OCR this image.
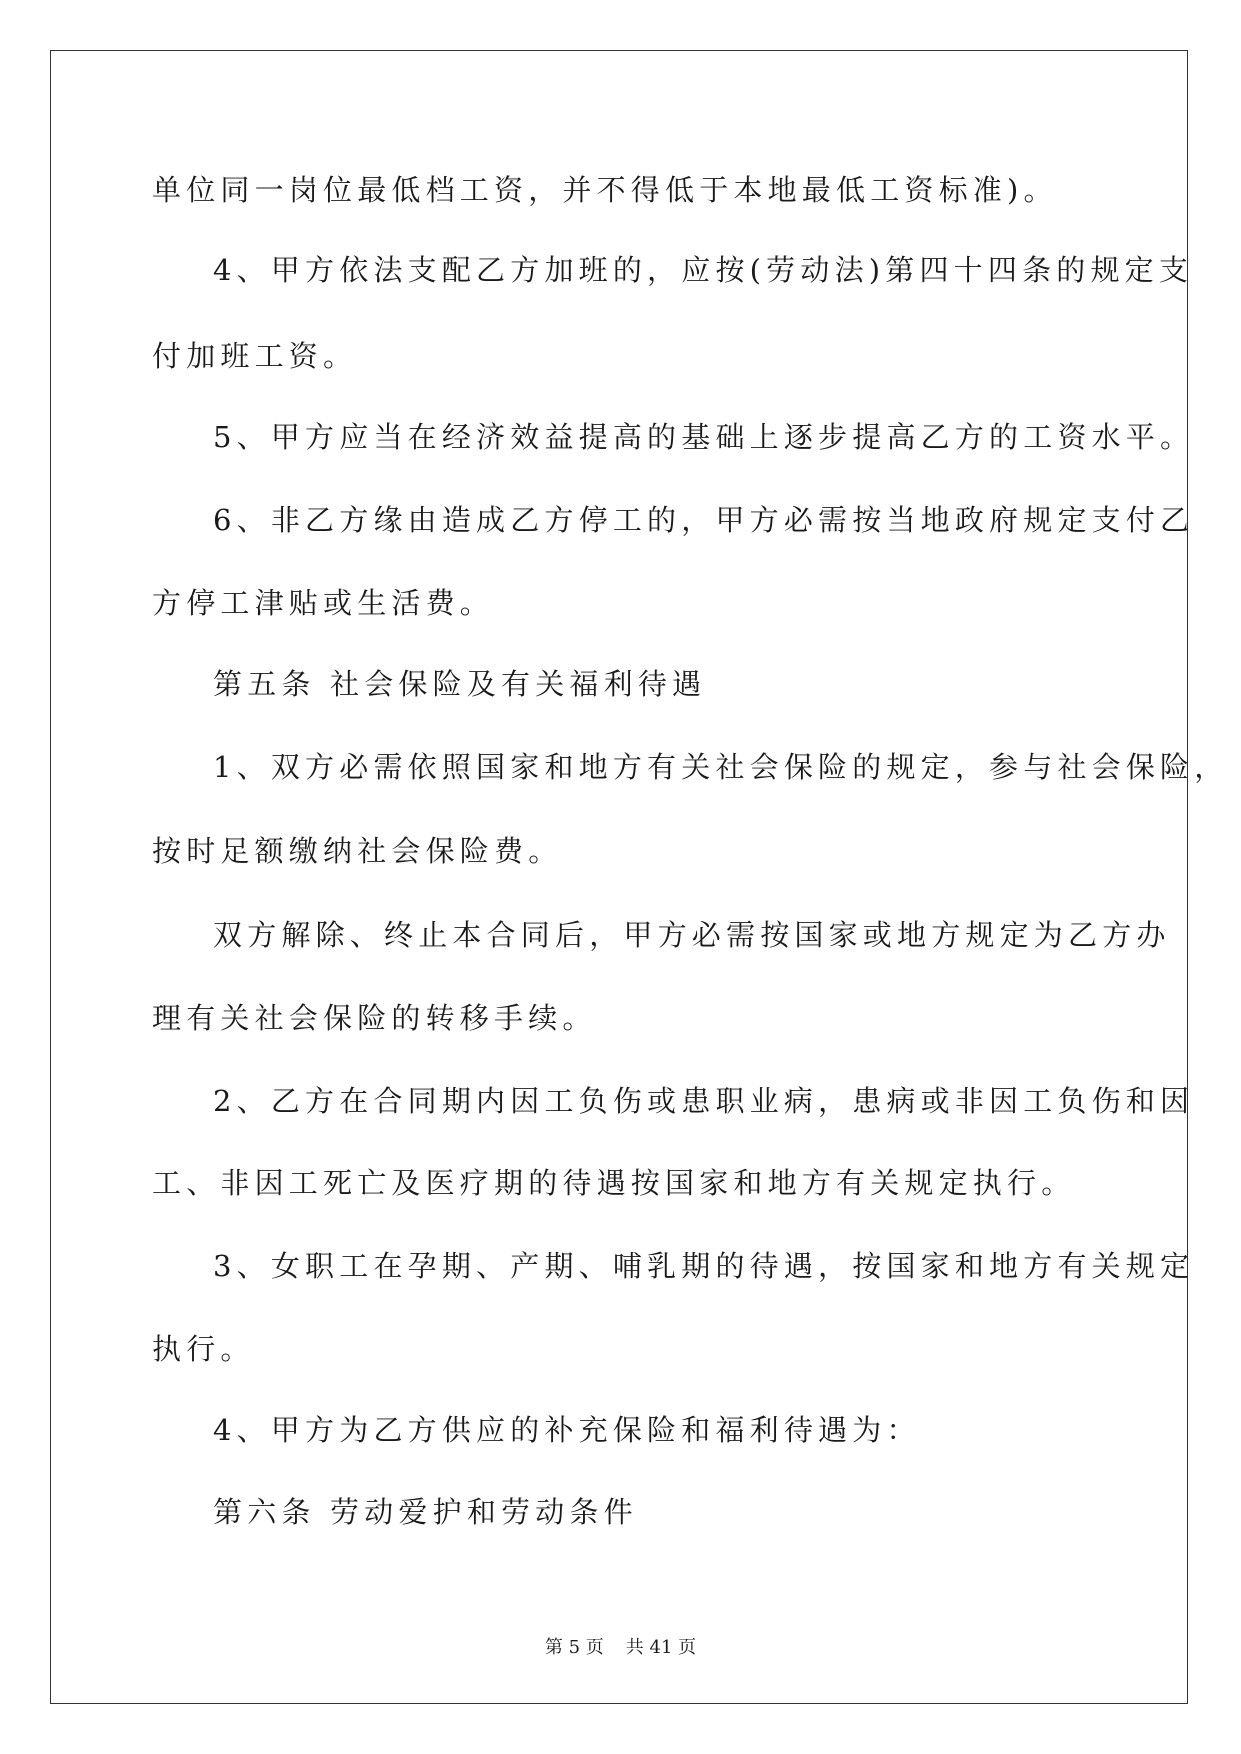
单位同一岗位最低档工资，并不得低于本地最低工资标准)。
4、甲方依法支配乙方加班的，应按(劳动法)第四十四条的规定支
付加班工资。
5、甲方应当在经济效益提高的基础上逐步提高乙方的工资水平。
6、非乙方缘由造成乙方停工的，甲方必需按当地政府规定支付乙
方停工津贴或生活费。
第五条 社会保险及有关福利待遇
1、双方必需依照国家和地方有关社会保险的规定，参与社会保险，
按时足额缴纳社会保险费。
双方解除、终止本合同后，甲方必需按国家或地方规定为乙方办
理有关社会保险的转移手续。
2、乙方在合同期内因工负伤或患职业病，患病或非因工负伤和因
工、非因工死亡及医疗期的待遇按国家和地方有关规定执行。
3、女职工在孕期、产期、哺乳期的待遇，按国家和地方有关规定
执行。
4、甲方为乙方供应的补充保险和福利待遇为：
第六条 劳动爱护和劳动条件
第 5 页 共 41 页
